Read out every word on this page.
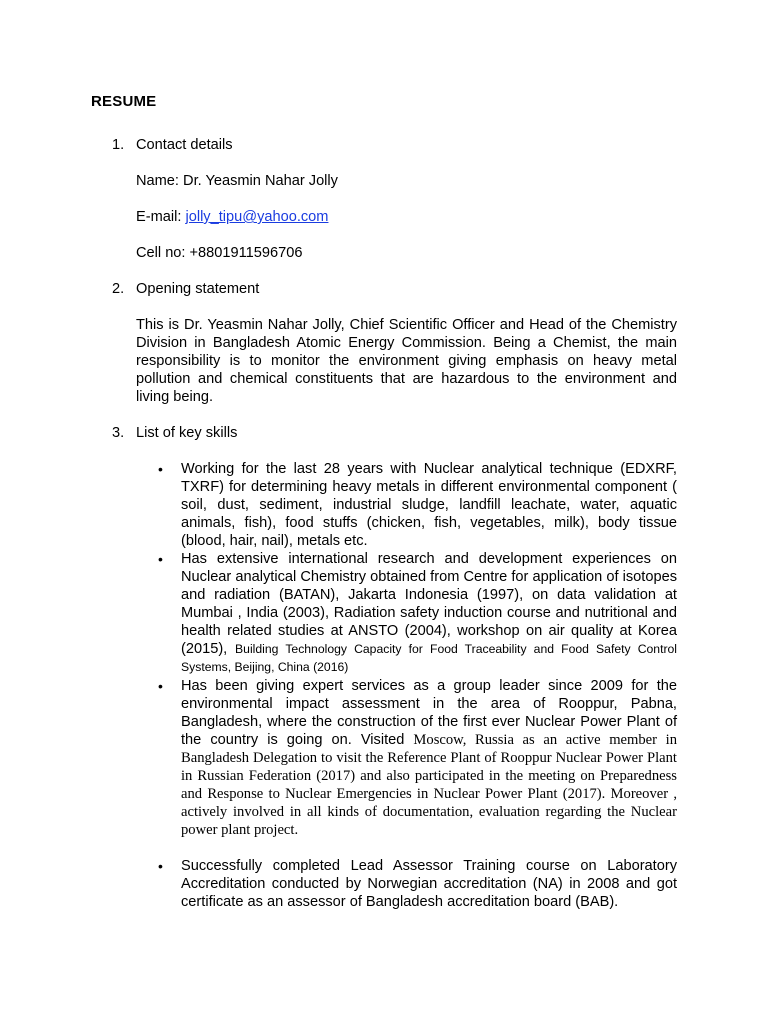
RESUME
1. Contact details
Name: Dr. Yeasmin Nahar Jolly
E-mail: jolly_tipu@yahoo.com
Cell no: +8801911596706
2. Opening statement
This is Dr. Yeasmin Nahar Jolly, Chief Scientific Officer and Head of the Chemistry Division in Bangladesh Atomic Energy Commission. Being a Chemist, the main responsibility is to monitor the environment giving emphasis on heavy metal pollution and chemical constituents that are hazardous to the environment and living being.
3. List of key skills
• Working for the last 28 years with Nuclear analytical technique (EDXRF, TXRF) for determining heavy metals in different environmental component ( soil, dust, sediment, industrial sludge, landfill leachate, water, aquatic animals, fish), food stuffs (chicken, fish, vegetables, milk), body tissue (blood, hair, nail), metals etc.
• Has extensive international research and development experiences on Nuclear analytical Chemistry obtained from Centre for application of isotopes and radiation (BATAN), Jakarta Indonesia (1997), on data validation at Mumbai , India (2003), Radiation safety induction course and nutritional and health related studies at ANSTO (2004), workshop on air quality at Korea (2015), Building Technology Capacity for Food Traceability and Food Safety Control Systems, Beijing, China (2016)
• Has been giving expert services as a group leader since 2009 for the environmental impact assessment in the area of Rooppur, Pabna, Bangladesh, where the construction of the first ever Nuclear Power Plant of the country is going on. Visited Moscow, Russia as an active member in Bangladesh Delegation to visit the Reference Plant of Rooppur Nuclear Power Plant in Russian Federation (2017) and also participated in the meeting on Preparedness and Response to Nuclear Emergencies in Nuclear Power Plant (2017). Moreover , actively involved in all kinds of documentation, evaluation regarding the Nuclear power plant project.
• Successfully completed Lead Assessor Training course on Laboratory Accreditation conducted by Norwegian accreditation (NA) in 2008 and got certificate as an assessor of Bangladesh accreditation board (BAB).
